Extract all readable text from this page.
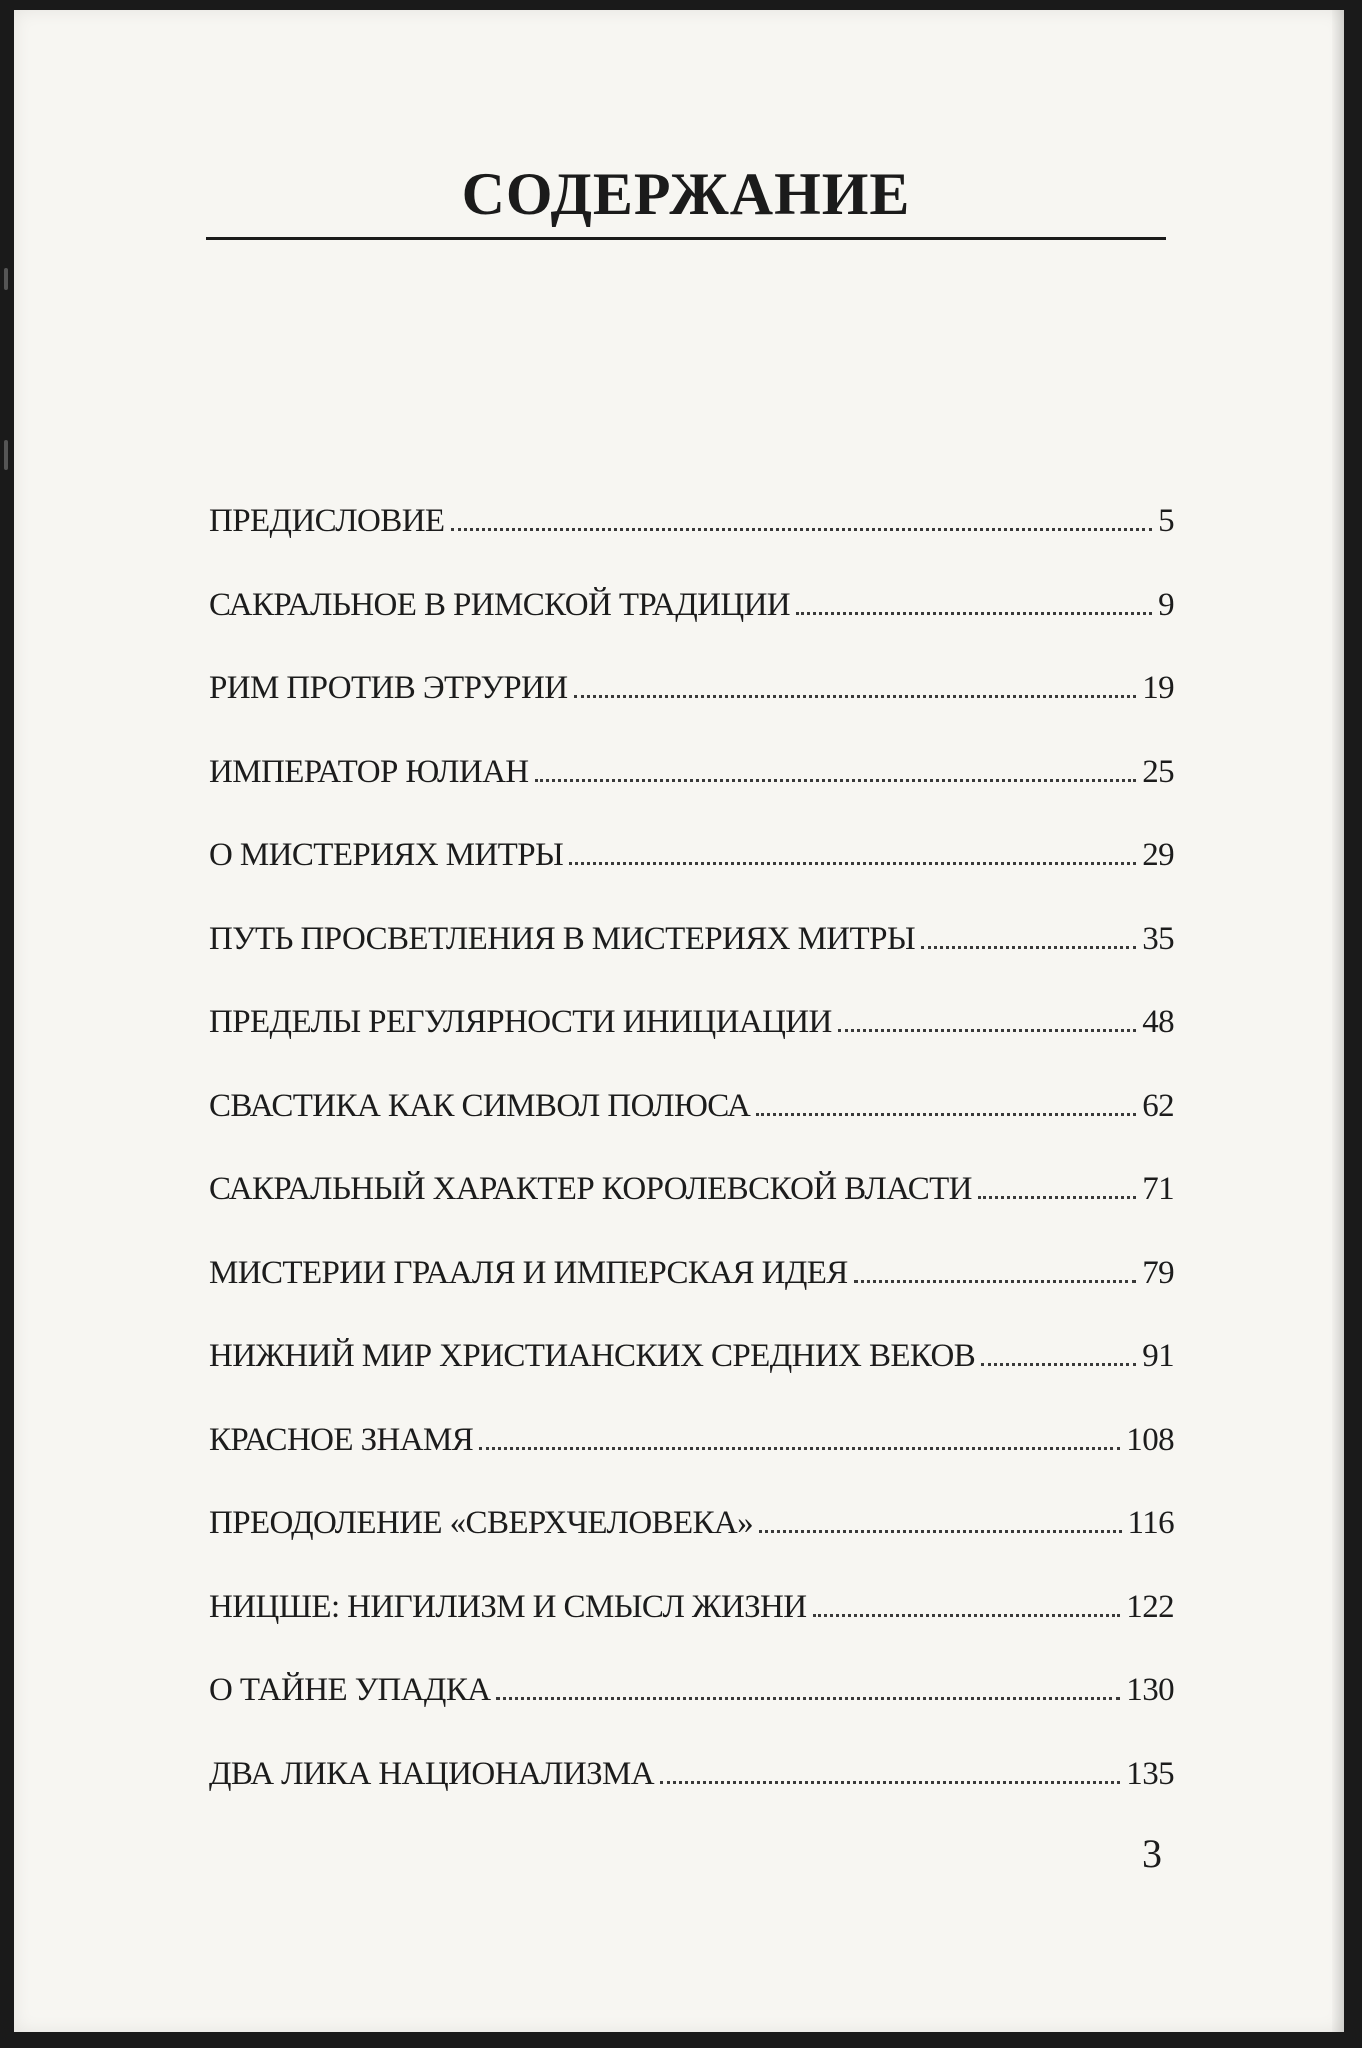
СОДЕРЖАНИЕ
ПРЕДИСЛОВИЕ	5
САКРАЛЬНОЕ В РИМСКОЙ ТРАДИЦИИ	9
РИМ ПРОТИВ ЭТРУРИИ	19
ИМПЕРАТОР ЮЛИАН	25
О МИСТЕРИЯХ МИТРЫ	29
ПУТЬ ПРОСВЕТЛЕНИЯ В МИСТЕРИЯХ МИТРЫ	35
ПРЕДЕЛЫ РЕГУЛЯРНОСТИ ИНИЦИАЦИИ	48
СВАСТИКА КАК СИМВОЛ ПОЛЮСА	62
САКРАЛЬНЫЙ ХАРАКТЕР КОРОЛЕВСКОЙ ВЛАСТИ	71
МИСТЕРИИ ГРААЛЯ И ИМПЕРСКАЯ ИДЕЯ	79
НИЖНИЙ МИР ХРИСТИАНСКИХ СРЕДНИХ ВЕКОВ	91
КРАСНОЕ ЗНАМЯ	108
ПРЕОДОЛЕНИЕ «СВЕРХЧЕЛОВЕКА»	116
НИЦШЕ: НИГИЛИЗМ И СМЫСЛ ЖИЗНИ	122
О ТАЙНЕ УПАДКА	130
ДВА ЛИКА НАЦИОНАЛИЗМА	135
3
